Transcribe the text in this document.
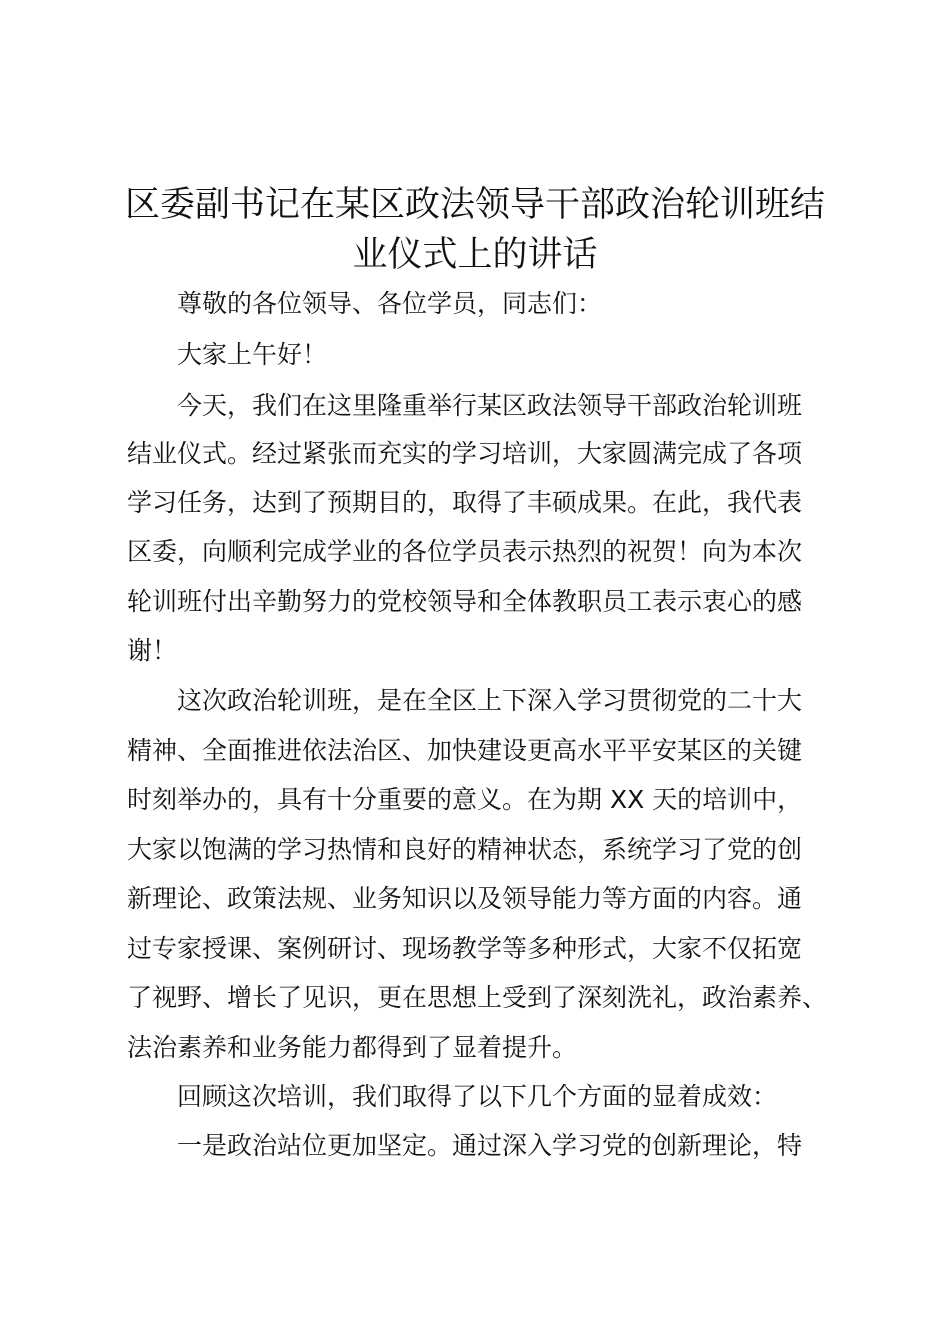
区委副书记在某区政法领导干部政治轮训班结
业仪式上的讲话

尊敬的各位领导、各位学员，同志们：

大家上午好！

今天，我们在这里隆重举行某区政法领导干部政治轮训班

结业仪式。经过紧张而充实的学习培训，大家圆满完成了各项

学习任务，达到了预期目的，取得了丰硕成果。在此，我代表

区委，向顺利完成学业的各位学员表示热烈的祝贺！向为本次

轮训班付出辛勤努力的党校领导和全体教职员工表示衷心的感

谢！

这次政治轮训班，是在全区上下深入学习贯彻党的二十大

精神、全面推进依法治区、加快建设更高水平平安某区的关键

时刻举办的，具有十分重要的意义。在为期 XX 天的培训中，

大家以饱满的学习热情和良好的精神状态，系统学习了党的创

新理论、政策法规、业务知识以及领导能力等方面的内容。通

过专家授课、案例研讨、现场教学等多种形式，大家不仅拓宽

了视野、增长了见识，更在思想上受到了深刻洗礼，政治素养、

法治素养和业务能力都得到了显着提升。

回顾这次培训，我们取得了以下几个方面的显着成效：

一是政治站位更加坚定。通过深入学习党的创新理论，特
